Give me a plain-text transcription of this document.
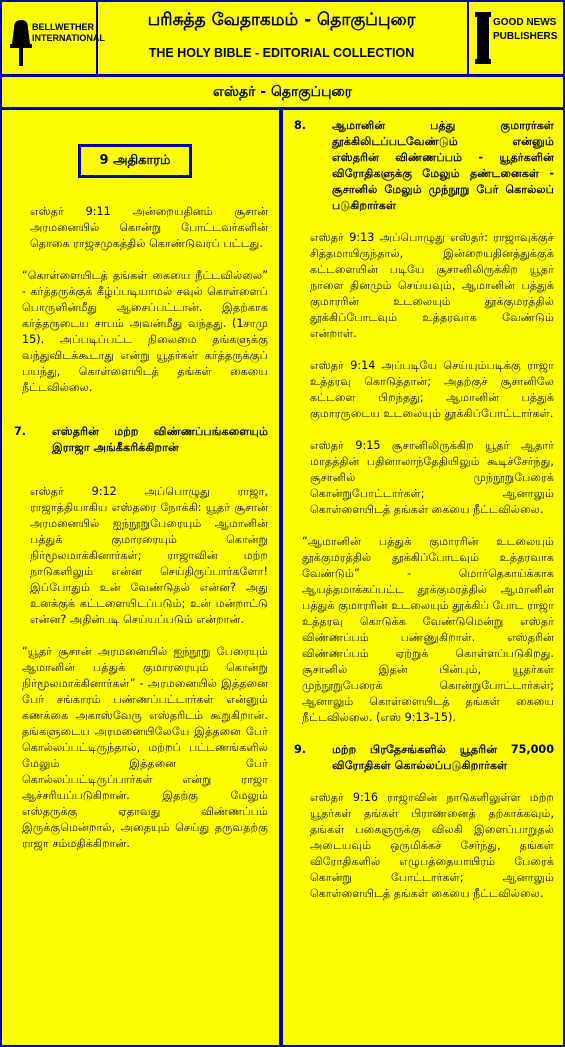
BELLWETHER INTERNATIONAL
பரிசுத்த வேதாகமம் - தொகுப்புரை
THE HOLY BIBLE - EDITORIAL COLLECTION
GOOD NEWS PUBLISHERS
எஸ்தர் - தொகுப்புரை
9 அதிகாரம்

எஸ்தர் 9:11 அன்றையதினம் சூசான் அரமனையில் கொன்று போட்டவர்களின் தொகை ராஜசமுகத்தில் கொண்டுவரப் பட்டது.

“கொள்ளையிடத் தங்கள் கையை நீட்டவில்லை” - கர்த்தருக்குக் கீழ்ப்படியாமல் சவுல் கொள்ளைப் பொருளின்மீது ஆசைப்பட்டான். இதற்காக கர்த்தருடைய சாபம் அவன்மீது வந்தது. (1சாமு 15). அப்படிப்பட்ட நிலைமை தங்களுக்கு வந்துவிடக்கூடாது என்று யூதர்கள் கர்த்தருக்குப் பயந்து, கொள்ளையிடத் தங்கள் கையை நீட்டவில்லை.

7.	எஸ்தரின் மற்ற விண்ணப்பங்களையும் இராஜா அங்கீகரிக்கிறான்

எஸ்தர் 9:12 அப்பொழுது ராஜா, ராஜாத்தியாகிய எஸ்தரை நோக்கி: யூதர் சூசான் அரமனையில் ஐந்நூறுபேரையும் ஆமானின் பத்துக் குமாரரையும் கொன்று நிர்மூலமாக்கினார்கள்; ராஜாவின் மற்ற நாடுகளிலும் என்ன செய்திருப்பார்களோ! இப்போதும் உன் வேண்டுதல் என்ன? அது உனக்குக் கட்டளையிடப்படும்; உன் மன்றாட்டு என்ன? அதின்படி செய்யப்படும் என்றான்.

“யூதர் சூசான் அரமனையில் ஐந்நூறு பேரையும் ஆமானின் பத்துக் குமாரரையும் கொன்று நிர்மூலமாக்கினார்கள்” - அரமனையில் இத்தனை பேர் சங்காரம் பண்ணப்பட்டார்கள் என்னும் கணக்கை அகாஸ்வேரு எஸ்தரிடம் கூறுகிறான். தங்களுடைய அரமனையிலேயே இத்தனை பேர் கொல்லப்பட்டிருந்தால், மற்றப் பட்டணங்களில் மேலும் இத்தனை பேர் கொல்லப்பட்டிருப்பார்கள் என்று ராஜா ஆச்சரியப்படுகிறான். இதற்கு மேலும் எஸ்தருக்கு ஏதாவது விண்ணப்பம் இருக்குமென்றால், அதையும் செய்து தருவதற்கு ராஜா சம்மதிக்கிறான்.

8.	ஆமானின் பத்து குமாரர்கள் தூக்கிலிடப்படவேண்டும் என்னும் எஸ்தரின் விண்ணப்பம் - யூதர்களின் விரோதிகளுக்கு மேலும் தண்டனைகள் - சூசானில் மேலும் முந்நூறு பேர் கொல்லப் படுகிறார்கள்

எஸ்தர் 9:13 அப்பொழுது எஸ்தர்: ராஜாவுக்குச் சித்தமாயிருந்தால், இன்றையதினத்துக்குக் கட்டளையின் படியே சூசானிலிருக்கிற யூதர் நாளை தினமும் செய்யவும், ஆமானின் பத்துக் குமாரரின் உடலையும் தூக்குமரத்தில் தூக்கிப்போடவும் உத்தரவாக வேண்டும் என்றாள்.

எஸ்தர் 9:14 அப்படியே செய்யும்படிக்கு ராஜா உத்தரவு கொடுத்தான்; அதற்குச் சூசானிலே கட்டளை பிறந்தது; ஆமானின் பத்துக் குமாரருடைய உடலையும் தூக்கிப்போட்டார்கள்.

எஸ்தர் 9:15 சூசானிலிருக்கிற யூதர் ஆதார் மாதத்தின் பதினாலாந்தேதியிலும் கூடிச்சேர்ந்து, சூசானில் முந்நூறுபேரைக் கொன்றுபோட்டார்கள்; ஆனாலும் கொள்ளையிடத் தங்கள் கையை நீட்டவில்லை.

“ஆமானின் பத்துக் குமாரரின் உடலையும் தூக்குமரத்தில் தூக்கிப்போடவும் உத்தரவாக வேண்டும்” - மொர்தெகாய்க்காக ஆயத்தமாக்கப்பட்ட தூக்குமரத்தில் ஆமானின் பத்துக் குமாரரின் உடலையும் தூக்கிப் போட ராஜா உத்தரவு கொடுக்க வேண்டுமென்று எஸ்தர் விண்ணப்பம் பண்ணுகிறாள். எஸ்தரின் விண்ணப்பம் ஏற்றுக் கொள்ளப்படுகிறது. சூசானில் இதன் பின்பும், யூதர்கள் முந்நூறுபேரைக் கொன்றுபோட்டார்கள்; ஆனாலும் கொள்ளையிடத் தங்கள் கையை நீட்டவில்லை. (எஸ் 9:13-15).

9.	மற்ற பிரதேசங்களில் யூதரின் 75,000 விரோதிகள் கொல்லப்படுகிறார்கள்

எஸ்தர் 9:16 ராஜாவின் நாடுகளிலுள்ள மற்ற யூதர்கள் தங்கள் பிராணனைத் தற்காக்கவும், தங்கள் பகைஞருக்கு விலகி இளைப்பாறுதல் அடையவும் ஒருமிக்கச் சேர்ந்து, தங்கள் விரோதிகளில் எழுபத்தையாயிரம் பேரைக் கொன்று போட்டார்கள்; ஆனாலும் கொள்ளையிடத் தங்கள் கையை நீட்டவில்லை.
